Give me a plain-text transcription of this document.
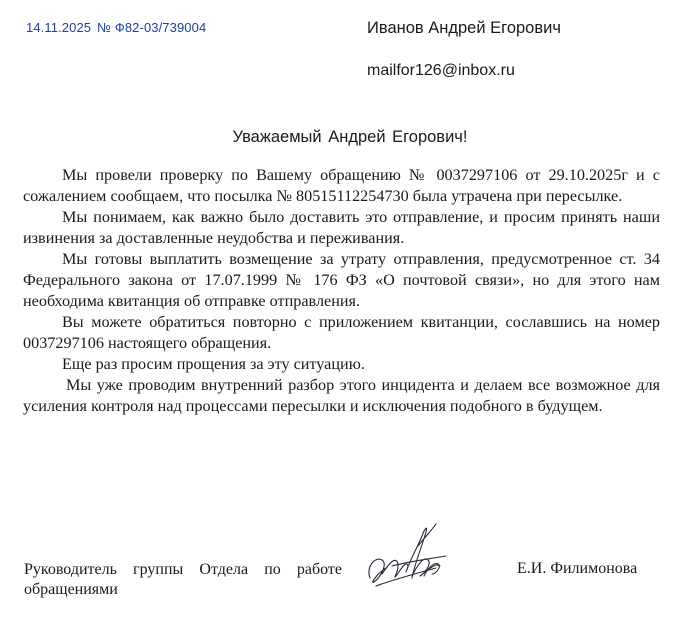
14.11.2025 № Ф82-03/739004	Иванов Андрей Егорович
mailfor126@inbox.ru
Уважаемый Андрей Егорович!

Мы провели проверку по Вашему обращению № 0037297106 от 29.10.2025г и с сожалением сообщаем, что посылка № 80515112254730 была утрачена при пересылке.

Мы понимаем, как важно было доставить это отправление, и просим принять наши извинения за доставленные неудобства и переживания.

Мы готовы выплатить возмещение за утрату отправления, предусмотренное ст. 34 Федерального закона от 17.07.1999 № 176 ФЗ «О почтовой связи», но для этого нам необходима квитанция об отправке отправления.

Вы можете обратиться повторно с приложением квитанции, сославшись на номер 0037297106 настоящего обращения.

Еще раз просим прощения за эту ситуацию.

Мы уже проводим внутренний разбор этого инцидента и делаем все возможное для усиления контроля над процессами пересылки и исключения подобного в будущем.

Руководитель группы Отдела по работе обращениями
Е.И. Филимонова
